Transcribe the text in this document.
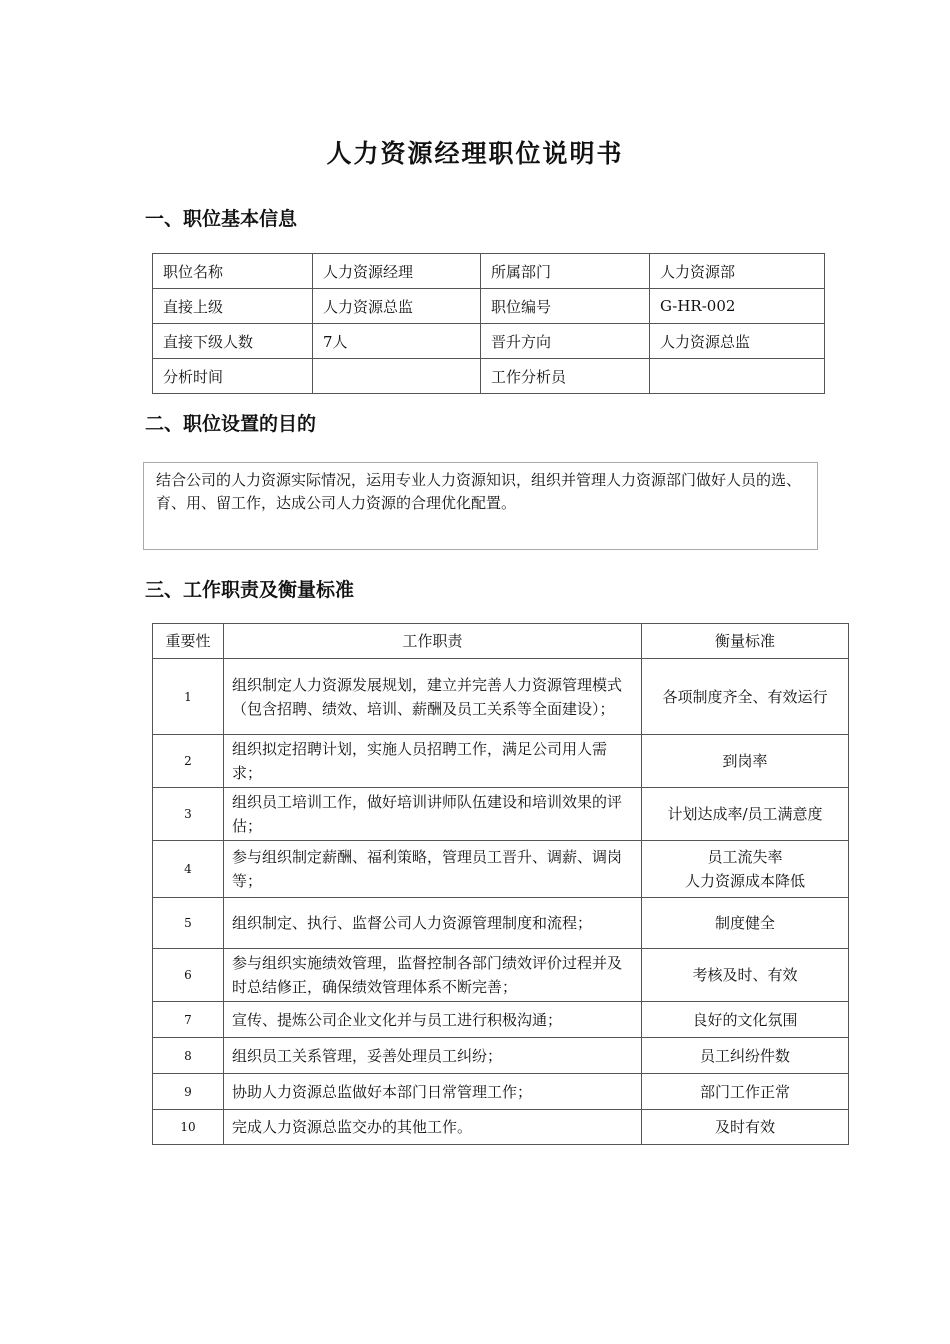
人力资源经理职位说明书
一、职位基本信息
职位名称	人力资源经理	所属部门	人力资源部
直接上级	人力资源总监	职位编号	G-HR-002
直接下级人数	7人	晋升方向	人力资源总监
分析时间		工作分析员	
二、职位设置的目的
结合公司的人力资源实际情况，运用专业人力资源知识，组织并管理人力资源部门做好人员的选、育、用、留工作，达成公司人力资源的合理优化配置。
三、工作职责及衡量标准
重要性	工作职责	衡量标准
1	组织制定人力资源发展规划，建立并完善人力资源管理模式（包含招聘、绩效、培训、薪酬及员工关系等全面建设）；	各项制度齐全、有效运行
2	组织拟定招聘计划，实施人员招聘工作，满足公司用人需求；	到岗率
3	组织员工培训工作，做好培训讲师队伍建设和培训效果的评估；	计划达成率/员工满意度
4	参与组织制定薪酬、福利策略，管理员工晋升、调薪、调岗等；	员工流失率
人力资源成本降低
5	组织制定、执行、监督公司人力资源管理制度和流程；	制度健全
6	参与组织实施绩效管理，监督控制各部门绩效评价过程并及时总结修正，确保绩效管理体系不断完善；	考核及时、有效
7	宣传、提炼公司企业文化并与员工进行积极沟通；	良好的文化氛围
8	组织员工关系管理，妥善处理员工纠纷；	员工纠纷件数
9	协助人力资源总监做好本部门日常管理工作；	部门工作正常
10	完成人力资源总监交办的其他工作。	及时有效
